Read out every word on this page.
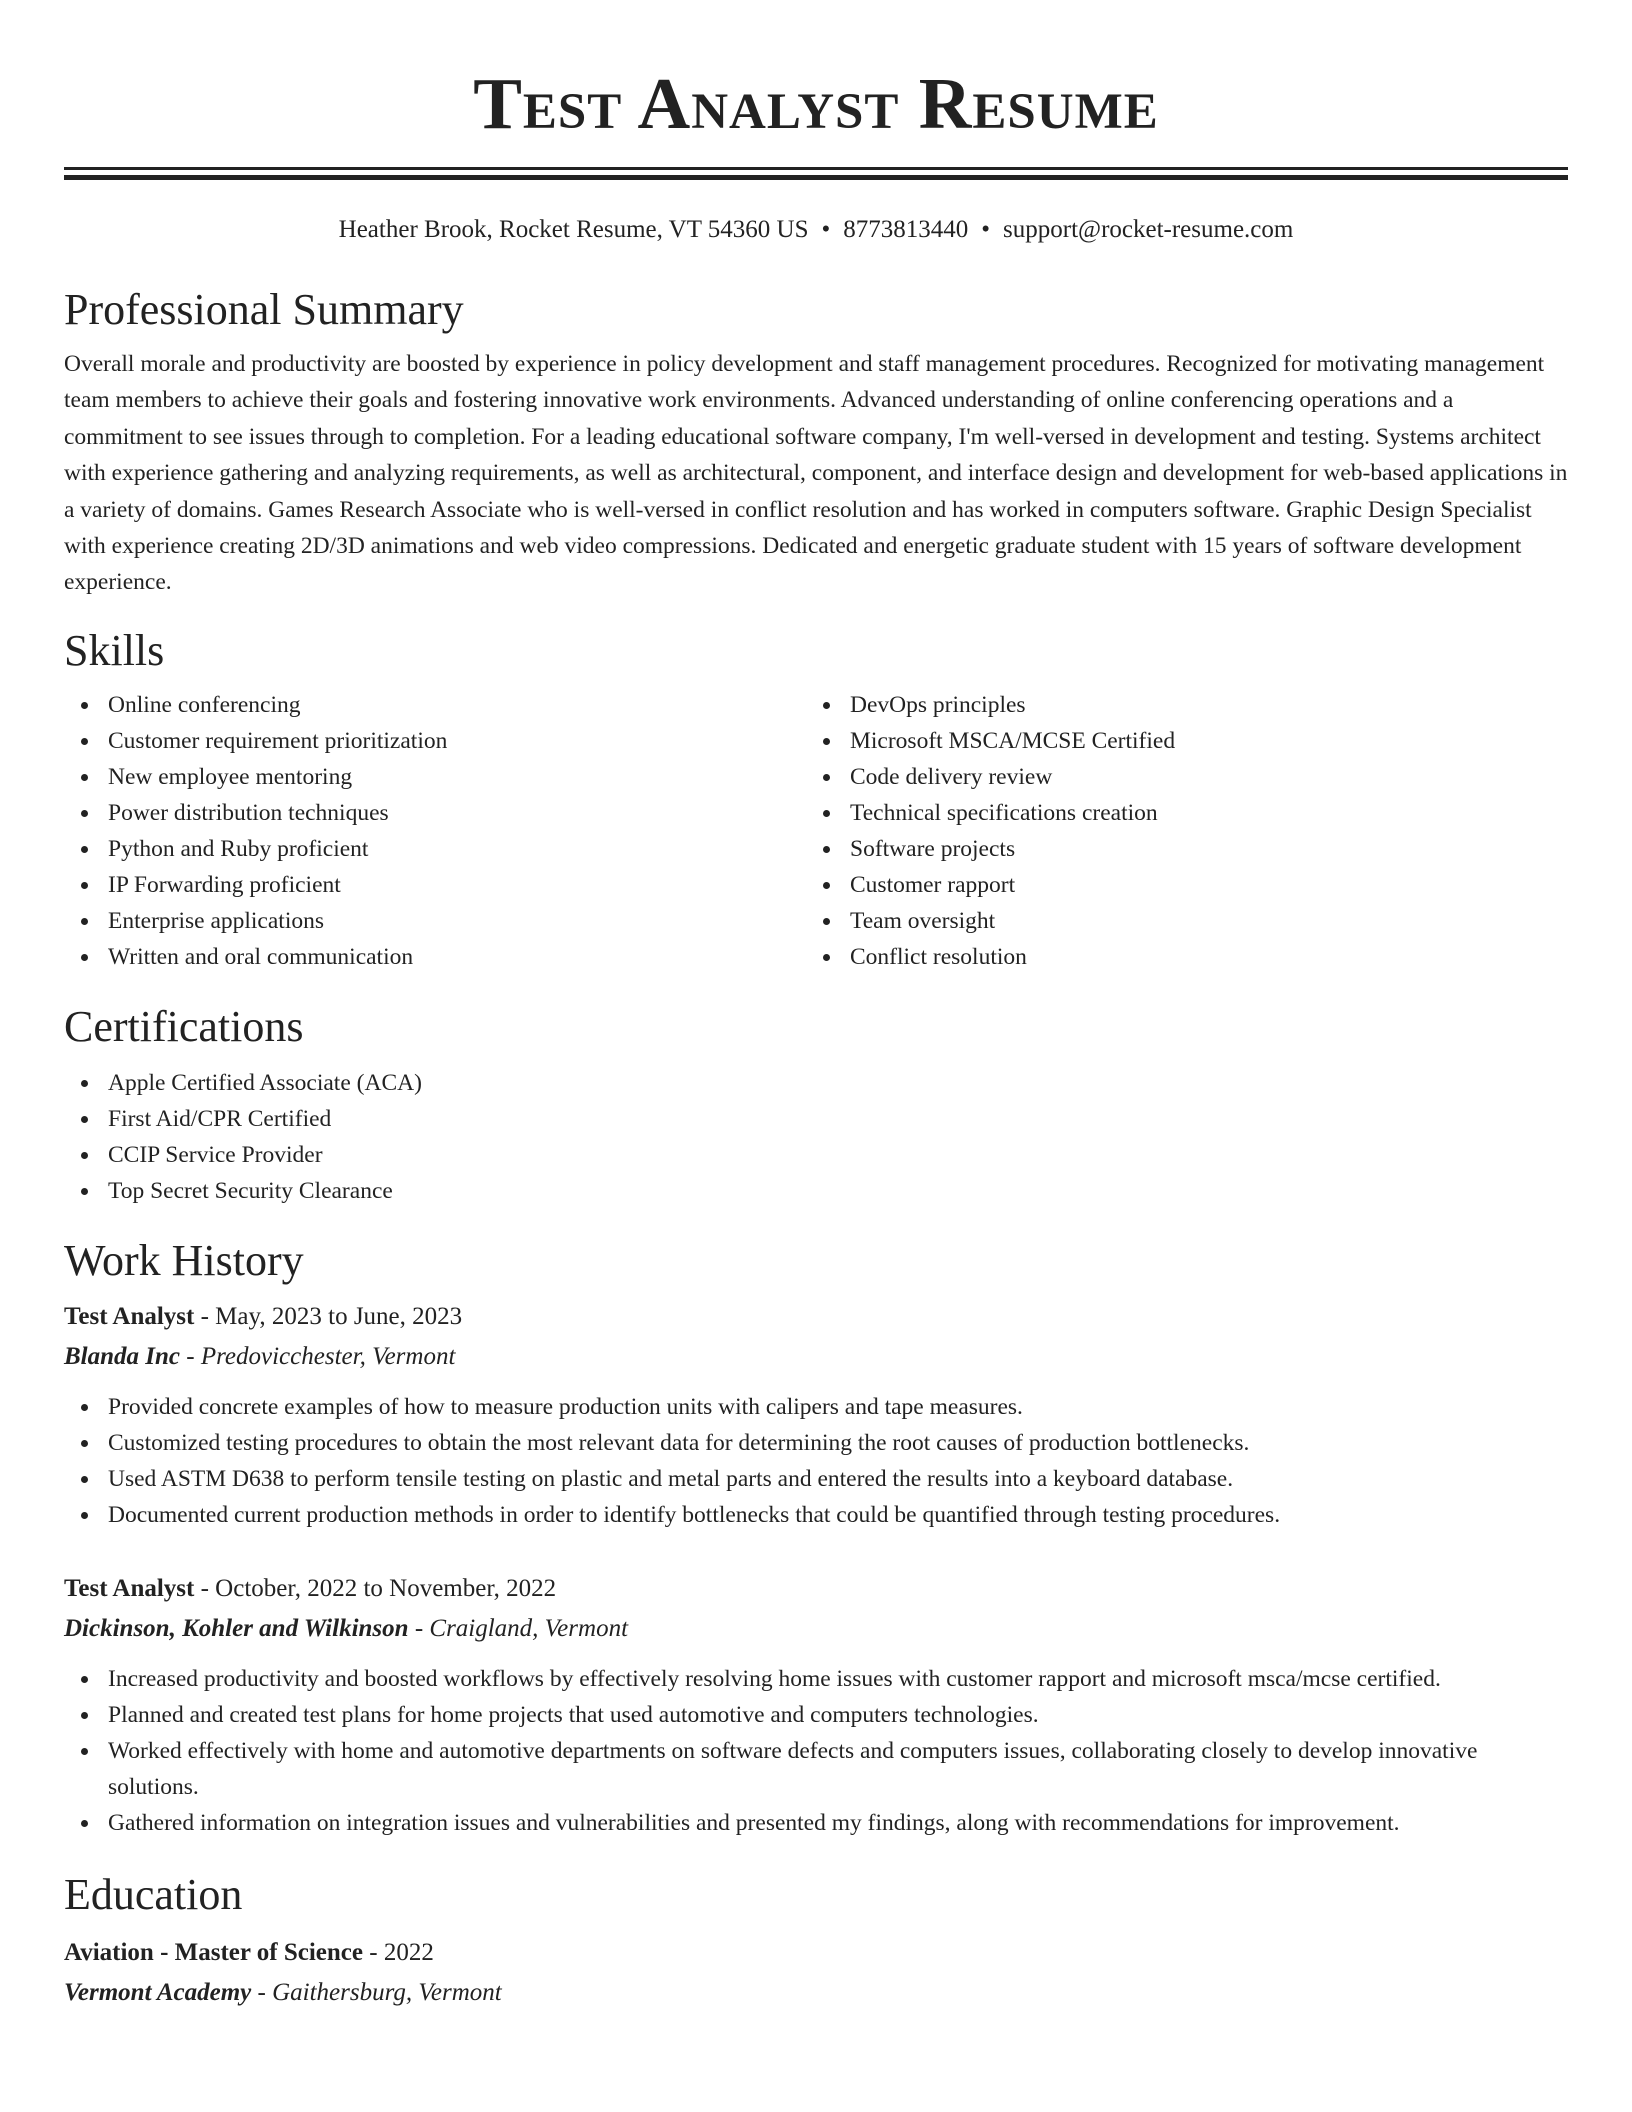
Test Analyst Resume
Heather Brook, Rocket Resume, VT 54360 US • 8773813440 • support@rocket-resume.com
Professional Summary

Overall morale and productivity are boosted by experience in policy development and staff management procedures. Recognized for motivating management team members to achieve their goals and fostering innovative work environments. Advanced understanding of online conferencing operations and a commitment to see issues through to completion. For a leading educational software company, I'm well-versed in development and testing. Systems architect with experience gathering and analyzing requirements, as well as architectural, component, and interface design and development for web-based applications in a variety of domains. Games Research Associate who is well-versed in conflict resolution and has worked in computers software. Graphic Design Specialist with experience creating 2D/3D animations and web video compressions. Dedicated and energetic graduate student with 15 years of software development experience.

Skills
Online conferencing
Customer requirement prioritization
New employee mentoring
Power distribution techniques
Python and Ruby proficient
IP Forwarding proficient
Enterprise applications
Written and oral communication
DevOps principles
Microsoft MSCA/MCSE Certified
Code delivery review
Technical specifications creation
Software projects
Customer rapport
Team oversight
Conflict resolution
Certifications
Apple Certified Associate (ACA)
First Aid/CPR Certified
CCIP Service Provider
Top Secret Security Clearance
Work History
Test Analyst - May, 2023 to June, 2023
Blanda Inc - Predovicchester, Vermont
Provided concrete examples of how to measure production units with calipers and tape measures.
Customized testing procedures to obtain the most relevant data for determining the root causes of production bottlenecks.
Used ASTM D638 to perform tensile testing on plastic and metal parts and entered the results into a keyboard database.
Documented current production methods in order to identify bottlenecks that could be quantified through testing procedures.
Test Analyst - October, 2022 to November, 2022
Dickinson, Kohler and Wilkinson - Craigland, Vermont
Increased productivity and boosted workflows by effectively resolving home issues with customer rapport and microsoft msca/mcse certified.
Planned and created test plans for home projects that used automotive and computers technologies.
Worked effectively with home and automotive departments on software defects and computers issues, collaborating closely to develop innovative solutions.
Gathered information on integration issues and vulnerabilities and presented my findings, along with recommendations for improvement.
Education
Aviation - Master of Science - 2022
Vermont Academy - Gaithersburg, Vermont
